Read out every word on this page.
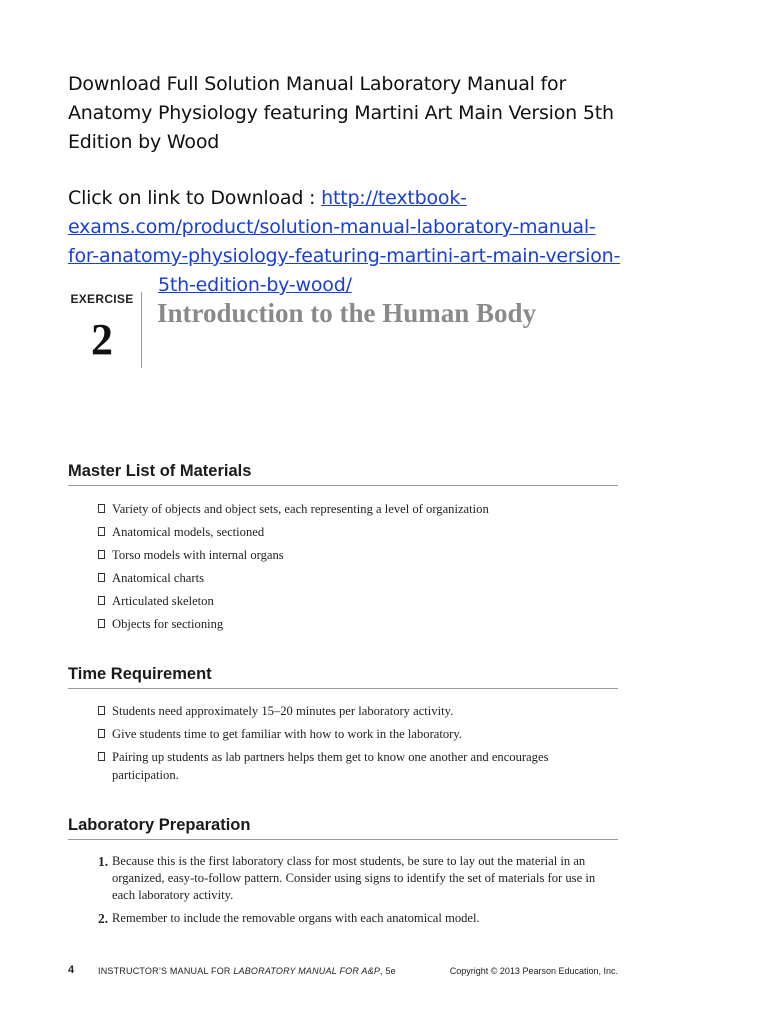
Download Full Solution Manual Laboratory Manual for
Anatomy Physiology featuring Martini Art Main Version 5th
Edition by Wood
Click on link to Download : http://textbook-
exams.com/product/solution-manual-laboratory-manual-
for-anatomy-physiology-featuring-martini-art-main-version-
5th-edition-by-wood/
EXERCISE
2
Introduction to the Human Body
Master List of Materials
Variety of objects and object sets, each representing a level of organization
Anatomical models, sectioned
Torso models with internal organs
Anatomical charts
Articulated skeleton
Objects for sectioning
Time Requirement
Students need approximately 15–20 minutes per laboratory activity.
Give students time to get familiar with how to work in the laboratory.
Pairing up students as lab partners helps them get to know one another and encourages participation.
Laboratory Preparation
1. Because this is the first laboratory class for most students, be sure to lay out the material in an organized, easy-to-follow pattern. Consider using signs to identify the set of materials for use in each laboratory activity.
2. Remember to include the removable organs with each anatomical model.
4	INSTRUCTOR’S MANUAL FOR LABORATORY MANUAL FOR A&P, 5e	Copyright © 2013 Pearson Education, Inc.
